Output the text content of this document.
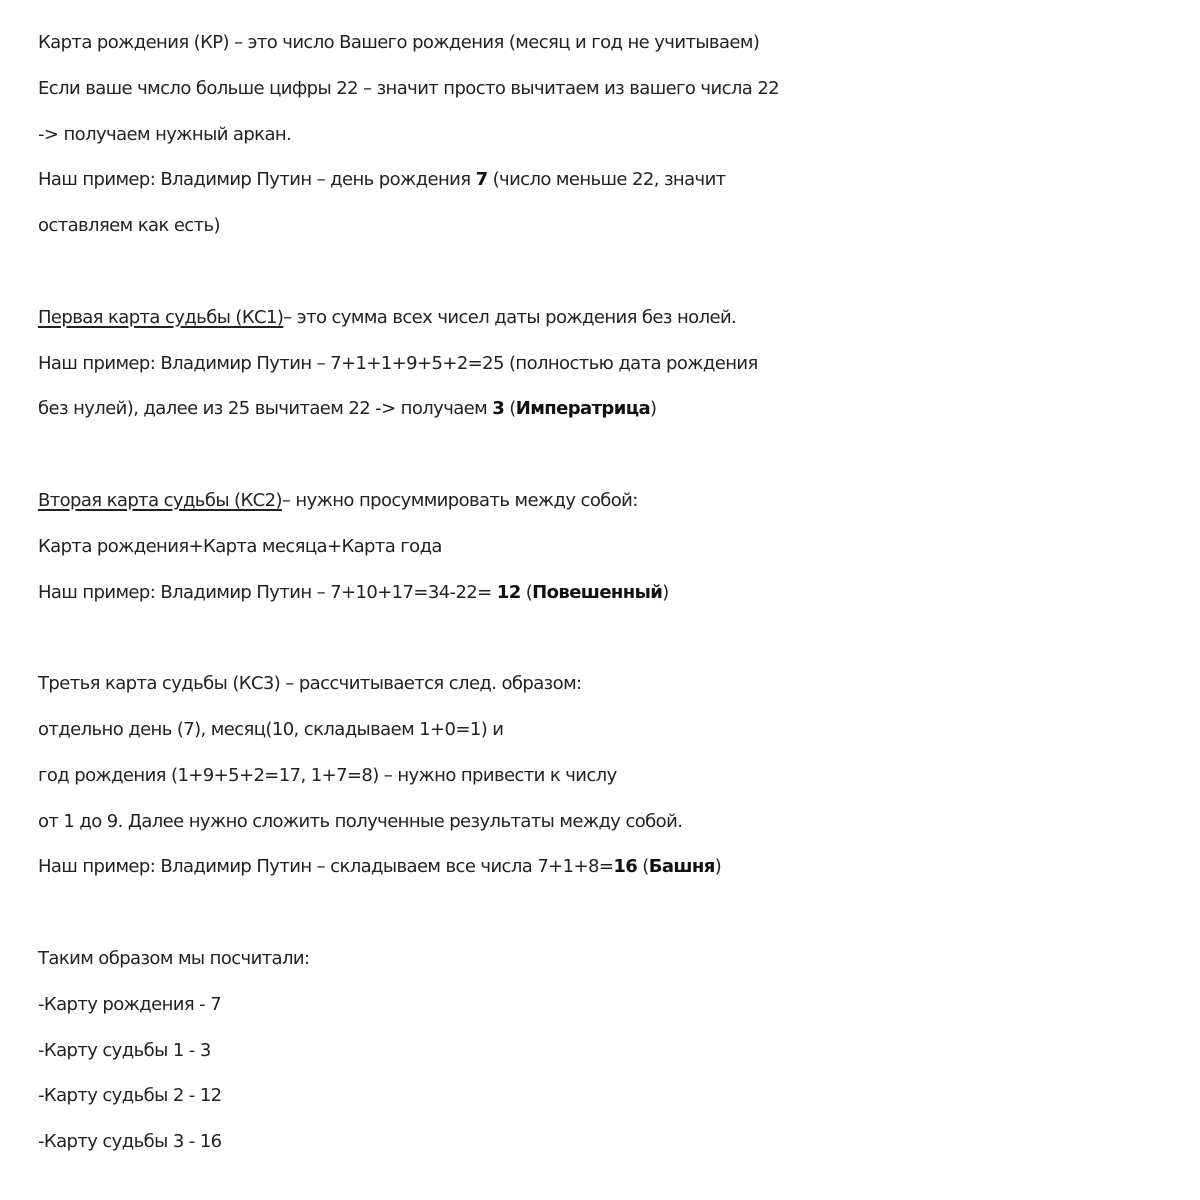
Карта рождения (КР) – это число Вашего рождения (месяц и год не учитываем)
Если ваше чмсло больше цифры 22 – значит просто вычитаем из вашего числа 22
-> получаем нужный аркан.
Наш пример: Владимир Путин – день рождения 7 (число меньше 22, значит
оставляем как есть)
Первая карта судьбы (КС1)– это сумма всех чисел даты рождения без нолей.
Наш пример: Владимир Путин – 7+1+1+9+5+2=25 (полностью дата рождения
без нулей), далее из 25 вычитаем 22 -> получаем 3 (Императрица)
Вторая карта судьбы (КС2)– нужно просуммировать между собой:
Карта рождения+Карта месяца+Карта года
Наш пример: Владимир Путин – 7+10+17=34-22= 12 (Повешенный)
Третья карта судьбы (КС3) – рассчитывается след. образом:
отдельно день (7), месяц(10, складываем 1+0=1) и
год рождения (1+9+5+2=17, 1+7=8) – нужно привести к числу
от 1 до 9. Далее нужно сложить полученные результаты между собой.
Наш пример: Владимир Путин – складываем все числа 7+1+8=16 (Башня)
Таким образом мы посчитали:
-Карту рождения - 7
-Карту судьбы 1 - 3
-Карту судьбы 2 - 12
-Карту судьбы 3 - 16
